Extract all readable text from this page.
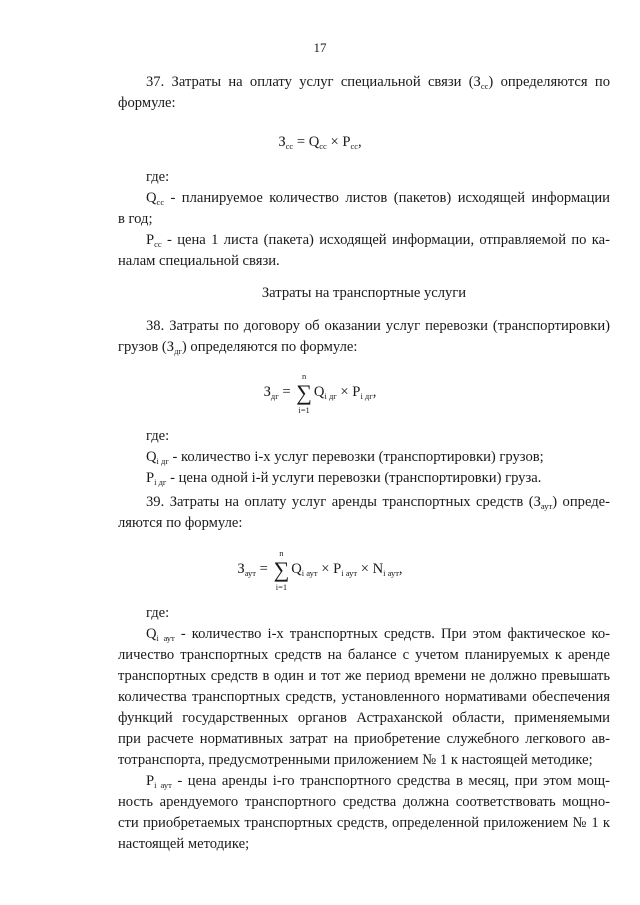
17
37. Затраты на оплату услуг специальной связи $(З_{сс})$ определяются по
формуле:
$З_{сс} = Q_{сс} \times P_{сс}$,
где:
$Q_{сс}$ - планируемое количество листов (пакетов) исходящей информации
в год;
$Р_{сс}$ - цена 1 листа (пакета) исходящей информации, отправляемой по ка-
налам специальной связи.
Затраты на транспортные услуги
38. Затраты по договору об оказании услуг перевозки (транспортировки)
грузов $(З_{дг})$ определяются по формуле:
$З_{дг}$ = ∑
n
i=1
$Q_{i дг} \times P_{i дг}$,
где:
$Q_{i дг}$ - количество i-х услуг перевозки (транспортировки) грузов;
$P_{i дг}$ - цена одной i-й услуги перевозки (транспортировки) груза.
39. Затраты на оплату услуг аренды транспортных средств $(З_{аут})$ опреде-
ляются по формуле:
$З_{аут}$ = ∑
n
i=1
$Q_{i аут} \times P_{i аут} \times N_{i аут}$,
где:
$Q_{i аут}$ - количество i-х транспортных средств. При этом фактическое ко-
личество транспортных средств на балансе с учетом планируемых к аренде
транспортных средств в один и тот же период времени не должно превышать
количества транспортных средств, установленного нормативами обеспечения
функций государственных органов Астраханской области, применяемыми
при расчете нормативных затрат на приобретение служебного легкового ав-
тотранспорта, предусмотренными приложением № 1 к настоящей методике;
$P_{i аут}$ - цена аренды i-го транспортного средства в месяц, при этом мощ-
ность арендуемого транспортного средства должна соответствовать мощно-
сти приобретаемых транспортных средств, определенной приложением № 1 к
настоящей методике;
